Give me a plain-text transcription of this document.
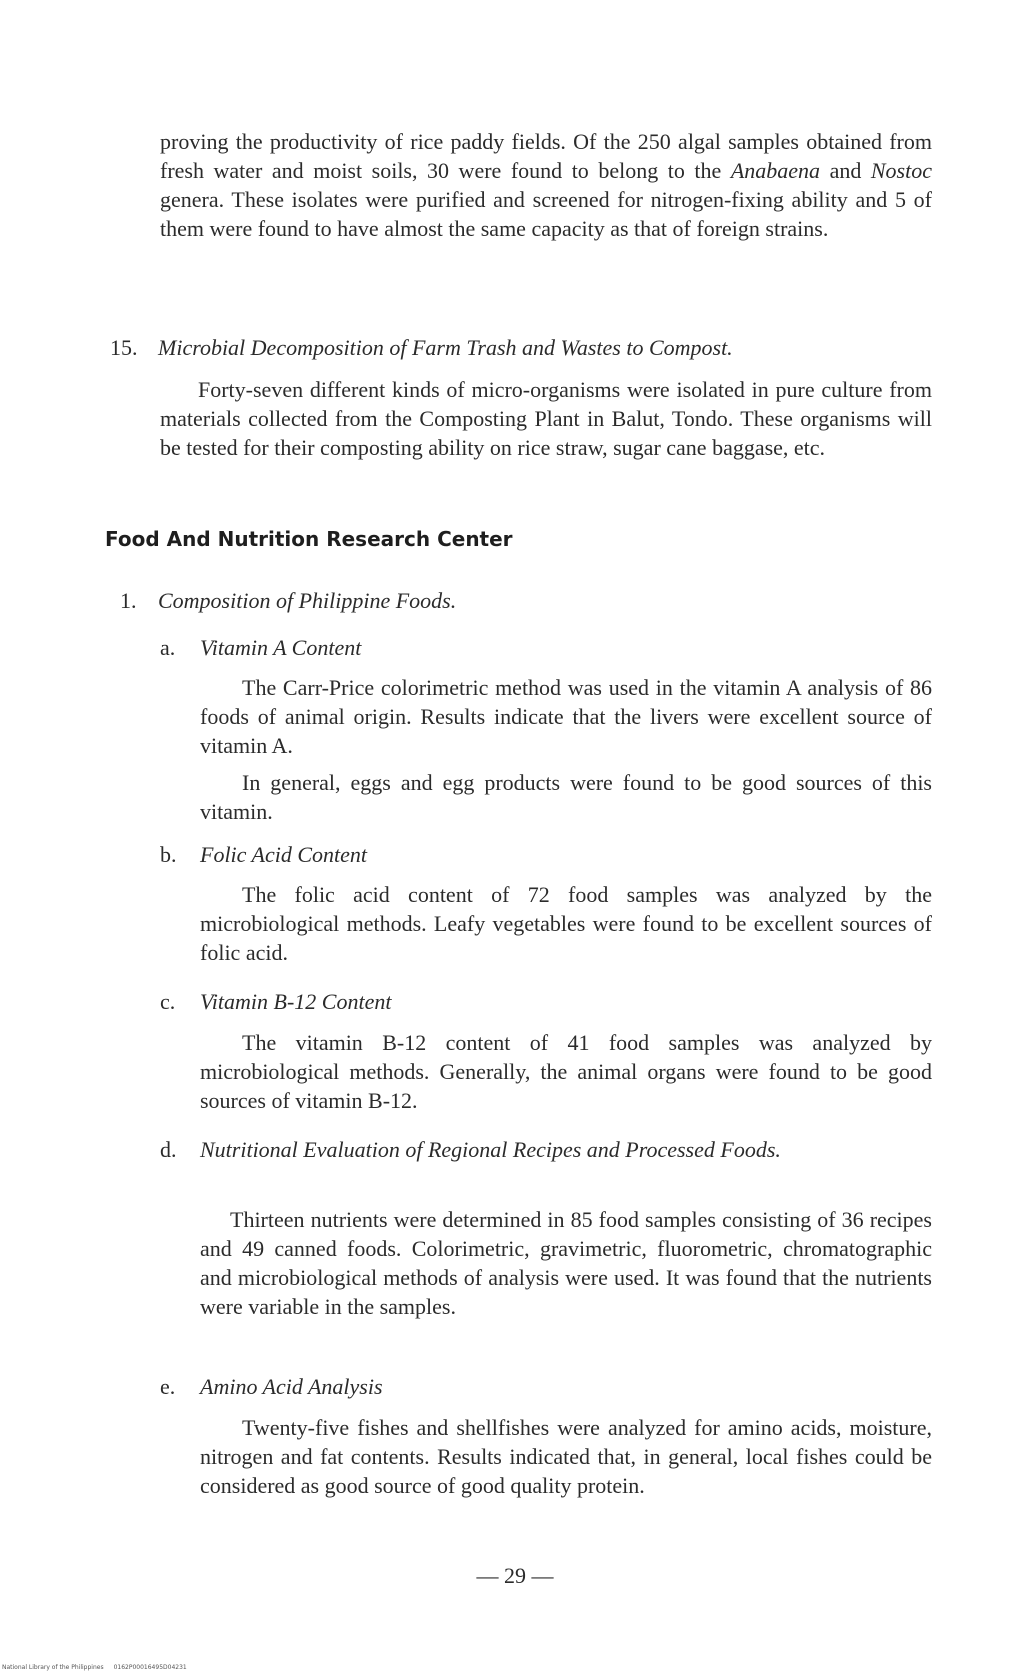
proving the productivity of rice paddy fields. Of the 250 algal samples obtained from fresh water and moist soils, 30 were found to belong to the Anabaena and Nostoc genera. These isolates were purified and screened for nitrogen-fixing ability and 5 of them were found to have almost the same capacity as that of foreign strains.
15. Microbial Decomposition of Farm Trash and Wastes to Compost.
Forty-seven different kinds of micro-organisms were isolated in pure culture from materials collected from the Composting Plant in Balut, Tondo. These organisms will be tested for their composting ability on rice straw, sugar cane baggase, etc.
Food And Nutrition Research Center
1. Composition of Philippine Foods.
a. Vitamin A Content
The Carr-Price colorimetric method was used in the vitamin A analysis of 86 foods of animal origin. Results indicate that the livers were excellent source of vitamin A.
In general, eggs and egg products were found to be good sources of this vitamin.
b. Folic Acid Content
The folic acid content of 72 food samples was analyzed by the microbiological methods. Leafy vegetables were found to be excellent sources of folic acid.
c. Vitamin B-12 Content
The vitamin B-12 content of 41 food samples was analyzed by microbiological methods. Generally, the animal organs were found to be good sources of vitamin B-12.
d. Nutritional Evaluation of Regional Recipes and Processed Foods.
Thirteen nutrients were determined in 85 food samples consisting of 36 recipes and 49 canned foods. Colorimetric, gravimetric, fluorometric, chromatographic and microbiological methods of analysis were used. It was found that the nutrients were variable in the samples.
e. Amino Acid Analysis
Twenty-five fishes and shellfishes were analyzed for amino acids, moisture, nitrogen and fat contents. Results indicated that, in general, local fishes could be considered as good source of good quality protein.
— 29 —
National Library of the Philippines 0162P00016495D04231
